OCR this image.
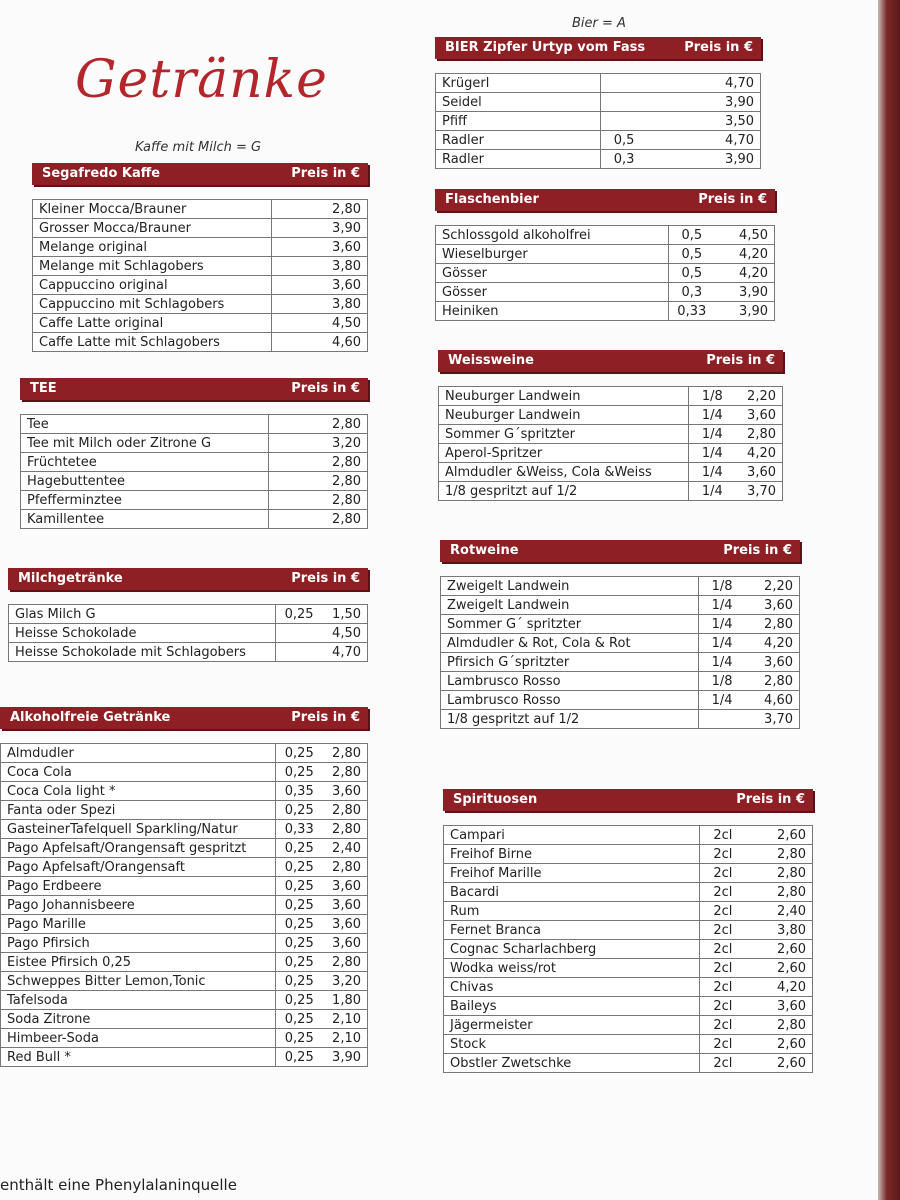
Getränke
Kaffe mit Milch = G
Bier = A
Segafredo Kaffe	Preis in €
Kleiner Mocca/Brauner		2,80
Grosser Mocca/Brauner		3,90
Melange original		3,60
Melange mit Schlagobers		3,80
Cappuccino original		3,60
Cappuccino mit Schlagobers		3,80
Caffe Latte original		4,50
Caffe Latte mit Schlagobers		4,60
TEE	Preis in €
Tee		2,80
Tee mit Milch oder Zitrone G		3,20
Früchtetee		2,80
Hagebuttentee		2,80
Pfefferminztee		2,80
Kamillentee		2,80
Milchgetränke	Preis in €
Glas Milch G	0,25	1,50
Heisse Schokolade		4,50
Heisse Schokolade mit Schlagobers		4,70
Alkoholfreie Getränke	Preis in €
Almdudler	0,25	2,80
Coca Cola	0,25	2,80
Coca Cola light *	0,35	3,60
Fanta oder Spezi	0,25	2,80
GasteinerTafelquell Sparkling/Natur	0,33	2,80
Pago Apfelsaft/Orangensaft gespritzt	0,25	2,40
Pago Apfelsaft/Orangensaft	0,25	2,80
Pago Erdbeere	0,25	3,60
Pago Johannisbeere	0,25	3,60
Pago Marille	0,25	3,60
Pago Pfirsich	0,25	3,60
Eistee Pfirsich 0,25	0,25	2,80
Schweppes Bitter Lemon,Tonic	0,25	3,20
Tafelsoda	0,25	1,80
Soda Zitrone	0,25	2,10
Himbeer-Soda	0,25	2,10
Red Bull *	0,25	3,90
BIER Zipfer Urtyp vom Fass	Preis in €
Krügerl		4,70
Seidel		3,90
Pfiff		3,50
Radler	0,5	4,70
Radler	0,3	3,90
Flaschenbier	Preis in €
Schlossgold alkoholfrei	0,5	4,50
Wieselburger	0,5	4,20
Gösser	0,5	4,20
Gösser	0,3	3,90
Heiniken	0,33	3,90
Weissweine	Preis in €
Neuburger Landwein	1/8	2,20
Neuburger Landwein	1/4	3,60
Sommer G´spritzter	1/4	2,80
Aperol-Spritzer	1/4	4,20
Almdudler &Weiss, Cola &Weiss	1/4	3,60
1/8 gespritzt auf 1/2	1/4	3,70
Rotweine	Preis in €
Zweigelt Landwein	1/8	2,20
Zweigelt Landwein	1/4	3,60
Sommer G´ spritzter	1/4	2,80
Almdudler & Rot, Cola & Rot	1/4	4,20
Pfirsich G´spritzter	1/4	3,60
Lambrusco Rosso	1/8	2,80
Lambrusco Rosso	1/4	4,60
1/8 gespritzt auf 1/2		3,70
Spirituosen	Preis in €
Campari	2cl	2,60
Freihof Birne	2cl	2,80
Freihof Marille	2cl	2,80
Bacardi	2cl	2,80
Rum	2cl	2,40
Fernet Branca	2cl	3,80
Cognac Scharlachberg	2cl	2,60
Wodka weiss/rot	2cl	2,60
Chivas	2cl	4,20
Baileys	2cl	3,60
Jägermeister	2cl	2,80
Stock	2cl	2,60
Obstler Zwetschke	2cl	2,60
enthält eine Phenylalaninquelle
